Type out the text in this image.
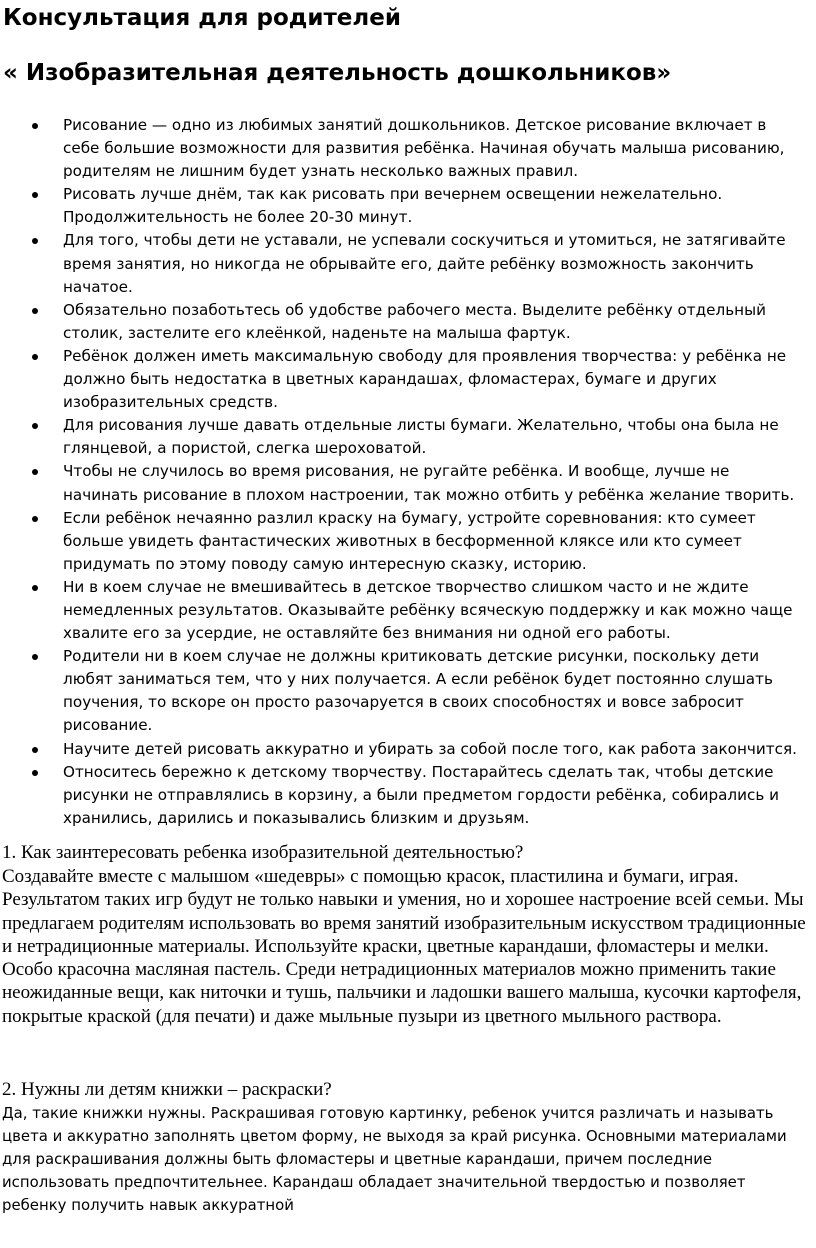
Консультация для родителей
« Изобразительная деятельность дошкольников»
Рисование — одно из любимых занятий дошкольников. Детское рисование включает в себе большие возможности для развития ребёнка. Начиная обучать малыша рисованию, родителям не лишним будет узнать несколько важных правил.
Рисовать лучше днём, так как рисовать при вечернем освещении нежелательно. Продолжительность не более 20-30 минут.
Для того, чтобы дети не уставали, не успевали соскучиться и утомиться, не затягивайте время занятия, но никогда не обрывайте его, дайте ребёнку возможность закончить начатое.
Обязательно позаботьтесь об удобстве рабочего места. Выделите ребёнку отдельный столик, застелите его клеёнкой, наденьте на малыша фартук.
Ребёнок должен иметь максимальную свободу для проявления творчества: у ребёнка не должно быть недостатка в цветных карандашах, фломастерах, бумаге и других изобразительных средств.
Для рисования лучше давать отдельные листы бумаги. Желательно, чтобы она была не глянцевой, а пористой, слегка шероховатой.
Чтобы не случилось во время рисования, не ругайте ребёнка. И вообще, лучше не начинать рисование в плохом настроении, так можно отбить у ребёнка желание творить.
Если ребёнок нечаянно разлил краску на бумагу, устройте соревнования: кто сумеет больше увидеть фантастических животных в бесформенной кляксе или кто сумеет придумать по этому поводу самую интересную сказку, историю.
Ни в коем случае не вмешивайтесь в детское творчество слишком часто и не ждите немедленных результатов. Оказывайте ребёнку всяческую поддержку и как можно чаще хвалите его за усердие, не оставляйте без внимания ни одной его работы.
Родители ни в коем случае не должны критиковать детские рисунки, поскольку дети любят заниматься тем, что у них получается. А если ребёнок будет постоянно слушать поучения, то вскоре он просто разочаруется в своих способностях и вовсе забросит рисование.
Научите детей рисовать аккуратно и убирать за собой после того, как работа закончится.
Относитесь бережно к детскому творчеству. Постарайтесь сделать так, чтобы детские рисунки не отправлялись в корзину, а были предметом гордости ребёнка, собирались и хранились, дарились и показывались близким и друзьям.

1. Как заинтересовать ребенка изобразительной деятельностью?

Создавайте вместе с малышом «шедевры» с помощью красок, пластилина и бумаги, играя. Результатом таких игр будут не только навыки и умения, но и хорошее настроение всей семьи. Мы предлагаем родителям использовать во время занятий изобразительным искусством традиционные и нетрадиционные материалы. Используйте краски, цветные карандаши, фломастеры и мелки. Особо красочна масляная пастель. Среди нетрадиционных материалов можно применить такие неожиданные вещи, как ниточки и тушь, пальчики и ладошки вашего малыша, кусочки картофеля, покрытые краской (для печати) и даже мыльные пузыри из цветного мыльного раствора.

2. Нужны ли детям книжки – раскраски?

Да, такие книжки нужны. Раскрашивая готовую картинку, ребенок учится различать и называть цвета и аккуратно заполнять цветом форму, не выходя за край рисунка. Основными материалами для раскрашивания должны быть фломастеры и цветные карандаши, причем последние использовать предпочтительнее. Карандаш обладает значительной твердостью и позволяет ребенку получить навык аккуратной
